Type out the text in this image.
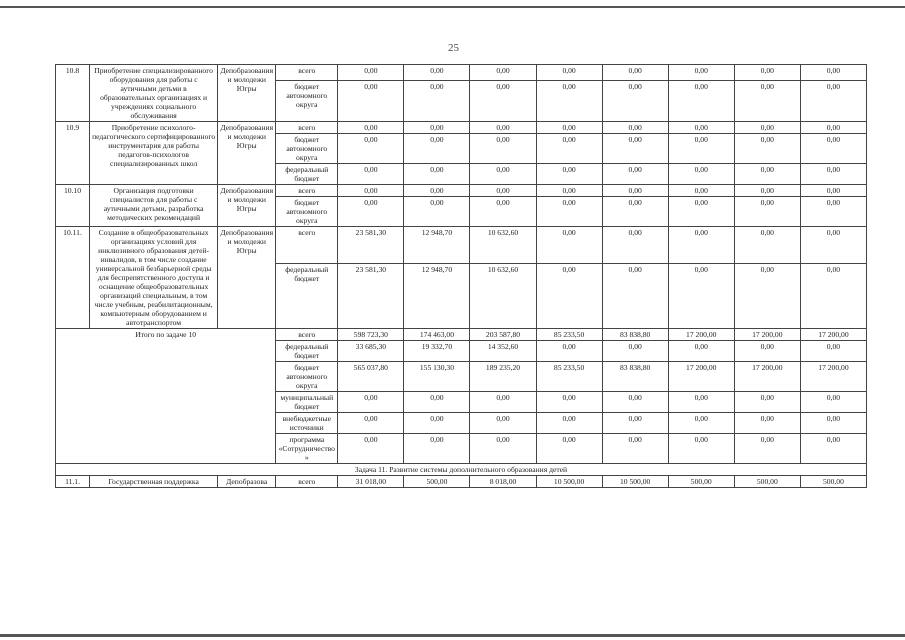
25
10.8	Приобретение специализированного оборудования для работы с аутичными детьми в образовательных организациях и учреждениях социального обслуживания	Депобразования и молодежи Югры	всего	0,00	0,00	0,00	0,00	0,00	0,00	0,00	0,00
			бюджет автономного округа	0,00	0,00	0,00	0,00	0,00	0,00	0,00	0,00
10.9	Приобретение психолого-педагогического сертифицированного инструментария для работы педагогов-психологов специализированных школ	Депобразования и молодежи Югры	всего	0,00	0,00	0,00	0,00	0,00	0,00	0,00	0,00
			бюджет автономного округа	0,00	0,00	0,00	0,00	0,00	0,00	0,00	0,00
			федеральный бюджет	0,00	0,00	0,00	0,00	0,00	0,00	0,00	0,00
10.10	Организация подготовки специалистов для работы с аутичными детьми, разработка методических рекомендаций	Депобразования и молодежи Югры	всего	0,00	0,00	0,00	0,00	0,00	0,00	0,00	0,00
			бюджет автономного округа	0,00	0,00	0,00	0,00	0,00	0,00	0,00	0,00
10.11.	Создание в общеобразовательных организациях условий для инклюзивного образования детей-инвалидов, в том числе создание универсальной безбарьерной среды для беспрепятственного доступа и оснащение общеобразовательных организаций специальным, в том числе учебным, реабилитационным, компьютерным оборудованием и автотранспортом	Депобразования и молодежи Югры	всего	23 581,30	12 948,70	10 632,60	0,00	0,00	0,00	0,00	0,00
			федеральный бюджет	23 581,30	12 948,70	10 632,60	0,00	0,00	0,00	0,00	0,00
Итого по задаче 10			всего	598 723,30	174 463,00	203 587,80	85 233,50	83 838,80	17 200,00	17 200,00	17 200,00
			федеральный бюджет	33 685,30	19 332,70	14 352,60	0,00	0,00	0,00	0,00	0,00
			бюджет автономного округа	565 037,80	155 130,30	189 235,20	85 233,50	83 838,80	17 200,00	17 200,00	17 200,00
			муниципальный бюджет	0,00	0,00	0,00	0,00	0,00	0,00	0,00	0,00
			внебюджетные источники	0,00	0,00	0,00	0,00	0,00	0,00	0,00	0,00
			программа «Сотрудничество»	0,00	0,00	0,00	0,00	0,00	0,00	0,00	0,00
Задача 11. Развитие системы дополнительного образования детей											
11.1.	Государственная поддержка	Депобразова	всего	31 018,00	500,00	8 018,00	10 500,00	10 500,00	500,00	500,00	500,00
